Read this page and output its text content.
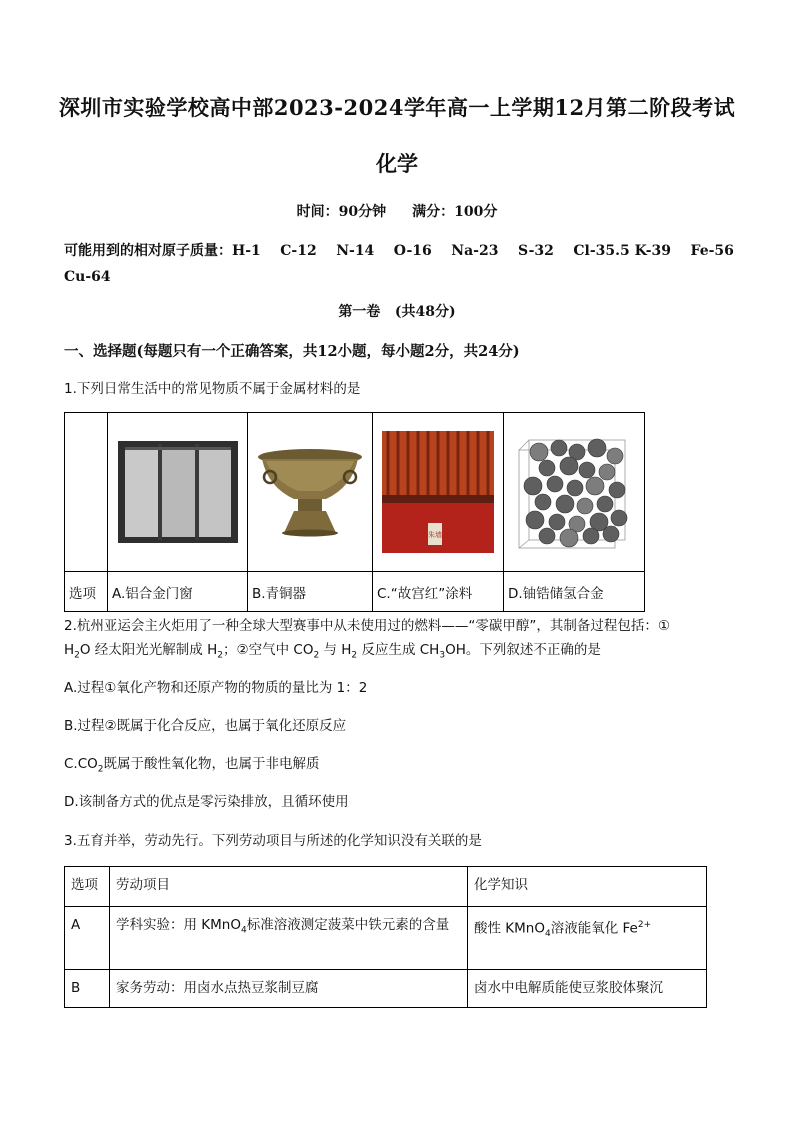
深圳市实验学校高中部2023-2024学年高一上学期12月第二阶段考试
化学
时间：90分钟 满分：100分
可能用到的相对原子质量：H-1    C-12    N-14    O-16    Na-23    S-32    Cl-35.5 K-39    Fe-56
Cu-64
第一卷   (共48分)
一、选择题(每题只有一个正确答案，共12小题，每小题2分，共24分)
1.下列日常生活中的常见物质不属于金属材料的是

朱墙

选项	A.铝合金门窗	B.青铜器	C.“故宫红”涂料	D.铀锆储氢合金
2.杭州亚运会主火炬用了一种全球大型赛事中从未使用过的燃料——“零碳甲醇”，其制备过程包括：①
$H_2O$ 经太阳光光解制成 $H_2$；②空气中 $CO_2$ 与 $H_2$ 反应生成 $CH_3OH$。下列叙述不正确的是
A.过程①氧化产物和还原产物的物质的量比为 1：2
B.过程②既属于化合反应，也属于氧化还原反应
$C.CO_2$既属于酸性氧化物，也属于非电解质
D.该制备方式的优点是零污染排放，且循环使用
3.五育并举，劳动先行。下列劳动项目与所述的化学知识没有关联的是
选项	劳动项目	化学知识
A	学科实验：用 KMnO$_4$标准溶液测定菠菜中铁元素的含量	酸性 KMnO$_4$溶液能氧化 $Fe^{2+}$
B	家务劳动：用卤水点热豆浆制豆腐	卤水中电解质能使豆浆胶体聚沉
